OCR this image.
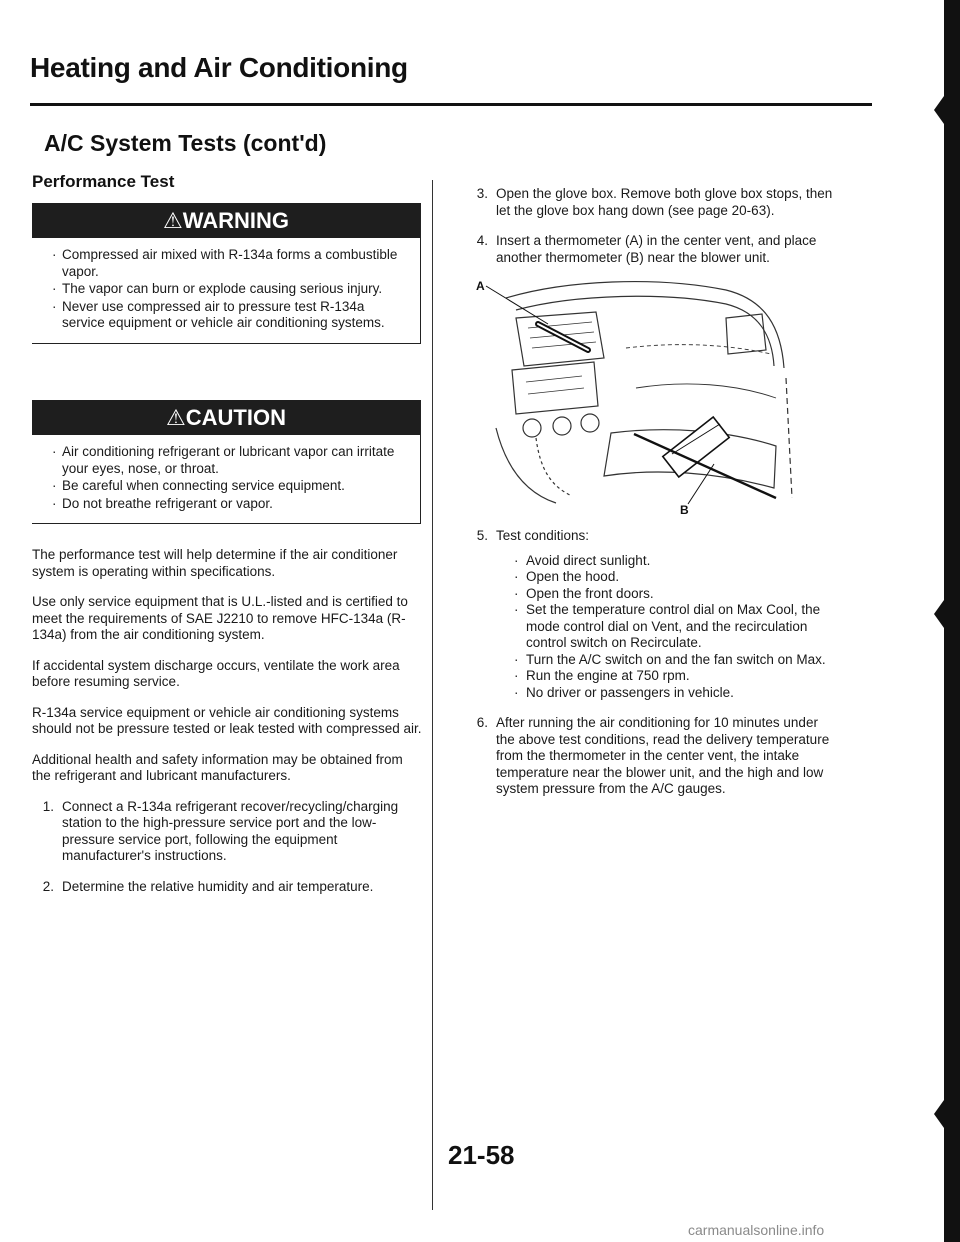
Heating and Air Conditioning
A/C System Tests (cont'd)
Performance Test
⚠WARNING
· Compressed air mixed with R-134a forms a combustible vapor.
· The vapor can burn or explode causing serious injury.
· Never use compressed air to pressure test R-134a service equipment or vehicle air conditioning systems.
⚠CAUTION
· Air conditioning refrigerant or lubricant vapor can irritate your eyes, nose, or throat.
· Be careful when connecting service equipment.
· Do not breathe refrigerant or vapor.

The performance test will help determine if the air conditioner system is operating within specifications.

Use only service equipment that is U.L.-listed and is certified to meet the requirements of SAE J2210 to remove HFC-134a (R-134a) from the air conditioning system.

If accidental system discharge occurs, ventilate the work area before resuming service.

R-134a service equipment or vehicle air conditioning systems should not be pressure tested or leak tested with compressed air.

Additional health and safety information may be obtained from the refrigerant and lubricant manufacturers.

1. Connect a R-134a refrigerant recover/recycling/charging station to the high-pressure service port and the low-pressure service port, following the equipment manufacturer's instructions.
2. Determine the relative humidity and air temperature.
3. Open the glove box. Remove both glove box stops, then let the glove box hang down (see page 20-63).
4. Insert a thermometer (A) in the center vent, and place another thermometer (B) near the blower unit.
A
B
5. Test conditions:
· Avoid direct sunlight.
· Open the hood.
· Open the front doors.
· Set the temperature control dial on Max Cool, the mode control dial on Vent, and the recirculation control switch on Recirculate.
· Turn the A/C switch on and the fan switch on Max.
· Run the engine at 750 rpm.
· No driver or passengers in vehicle.
6. After running the air conditioning for 10 minutes under the above test conditions, read the delivery temperature from the thermometer in the center vent, the intake temperature near the blower unit, and the high and low system pressure from the A/C gauges.
21-58
carmanualsonline.info
